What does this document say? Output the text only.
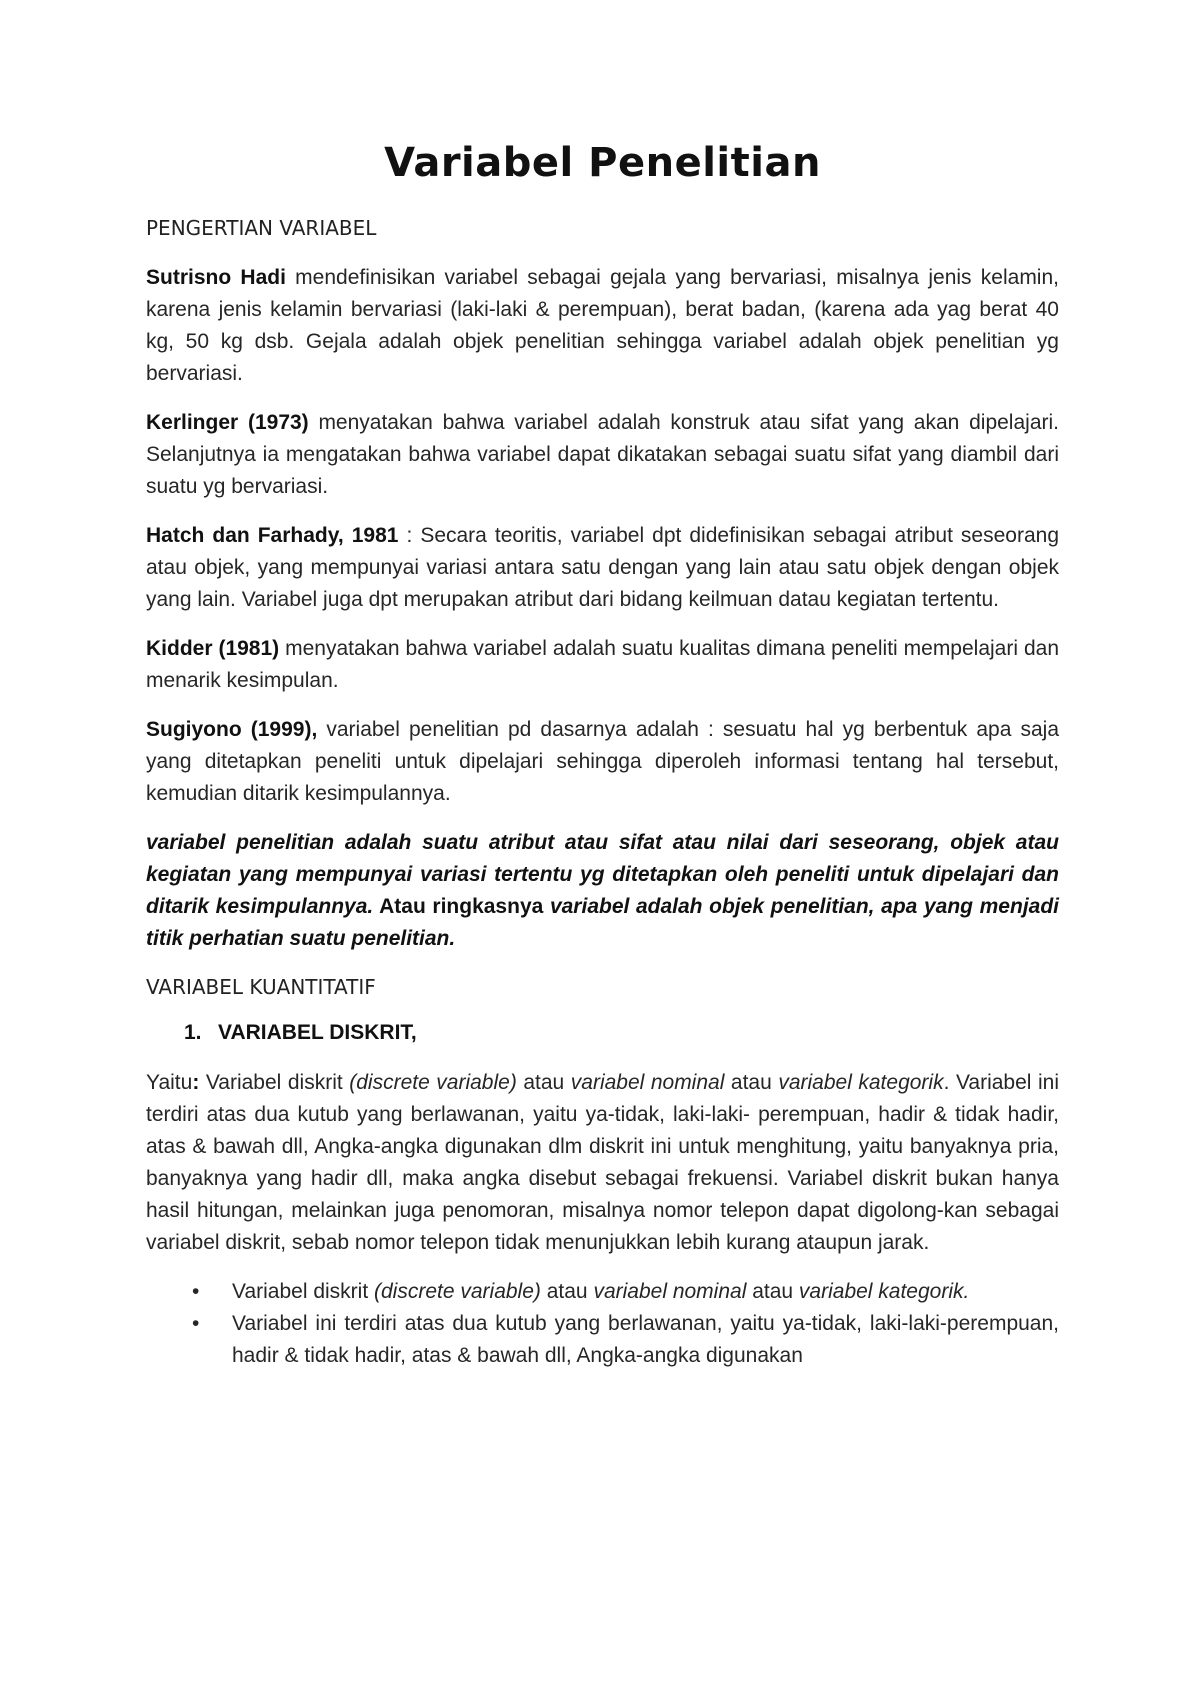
Variabel Penelitian
PENGERTIAN VARIABEL

Sutrisno Hadi mendefinisikan variabel sebagai gejala yang bervariasi, misalnya jenis kelamin, karena jenis kelamin bervariasi (laki-laki & perempuan), berat badan, (karena ada yag berat 40 kg, 50 kg dsb. Gejala adalah objek penelitian sehingga variabel adalah objek penelitian yg bervariasi.

Kerlinger (1973) menyatakan bahwa variabel adalah konstruk atau sifat yang akan dipelajari. Selanjutnya ia mengatakan bahwa variabel dapat dikatakan sebagai suatu sifat yang diambil dari suatu yg bervariasi.

Hatch dan Farhady, 1981 : Secara teoritis, variabel dpt didefinisikan sebagai atribut seseorang atau objek, yang mempunyai variasi antara satu dengan yang lain atau satu objek dengan objek yang lain. Variabel juga dpt merupakan atribut dari bidang keilmuan datau kegiatan tertentu.

Kidder (1981) menyatakan bahwa variabel adalah suatu kualitas dimana peneliti mempelajari dan menarik kesimpulan.

Sugiyono (1999), variabel penelitian pd dasarnya adalah : sesuatu hal yg berbentuk apa saja yang ditetapkan peneliti untuk dipelajari sehingga diperoleh informasi tentang hal tersebut, kemudian ditarik kesimpulannya.

variabel penelitian adalah suatu atribut atau sifat atau nilai dari seseorang, objek atau kegiatan yang mempunyai variasi tertentu yg ditetapkan oleh peneliti untuk dipelajari dan ditarik kesimpulannya. Atau ringkasnya variabel adalah objek penelitian, apa yang menjadi titik perhatian suatu penelitian.

VARIABEL KUANTITATIF
1. VARIABEL DISKRIT,

Yaitu: Variabel diskrit (discrete variable) atau variabel nominal atau variabel kategorik. Variabel ini terdiri atas dua kutub yang berlawanan, yaitu ya-tidak, laki-laki- perempuan, hadir & tidak hadir, atas & bawah dll, Angka-angka digunakan dlm diskrit ini untuk menghitung, yaitu banyaknya pria, banyaknya yang hadir dll, maka angka disebut sebagai frekuensi. Variabel diskrit bukan hanya hasil hitungan, melainkan juga penomoran, misalnya nomor telepon dapat digolong-kan sebagai variabel diskrit, sebab nomor telepon tidak menunjukkan lebih kurang ataupun jarak.

• Variabel diskrit (discrete variable) atau variabel nominal atau variabel kategorik.
• Variabel ini terdiri atas dua kutub yang berlawanan, yaitu ya-tidak, laki-laki-perempuan, hadir & tidak hadir, atas & bawah dll, Angka-angka digunakan
